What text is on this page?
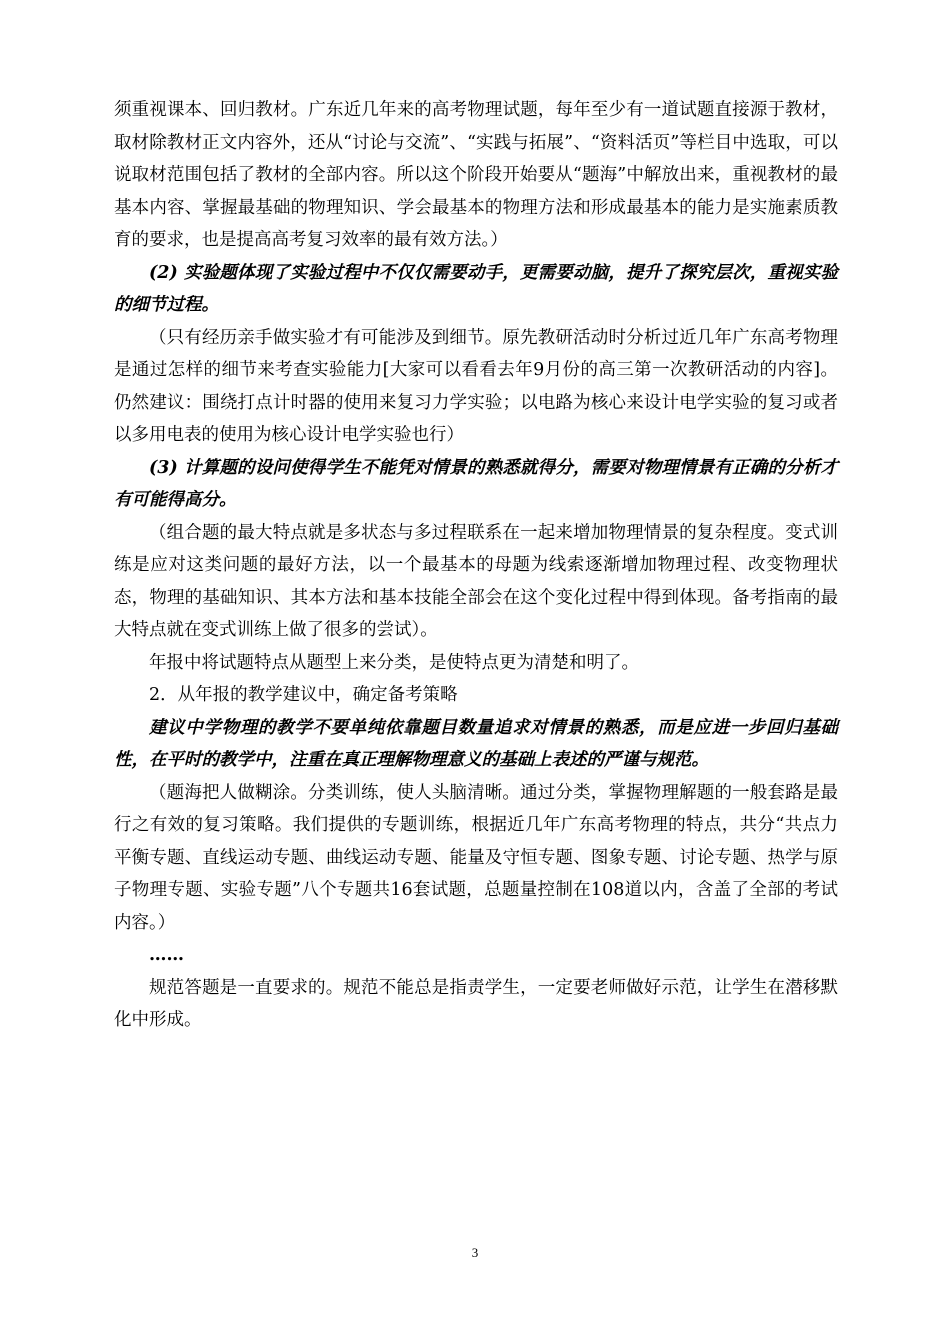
须重视课本、回归教材。广东近几年来的高考物理试题，每年至少有一道试题直接源于教材，取材除教材正文内容外，还从“讨论与交流”、“实践与拓展”、“资料活页”等栏目中选取，可以说取材范围包括了教材的全部内容。所以这个阶段开始要从“题海”中解放出来，重视教材的最基本内容、掌握最基础的物理知识、学会最基本的物理方法和形成最基本的能力是实施素质教育的要求，也是提高高考复习效率的最有效方法。）

(2) 实验题体现了实验过程中不仅仅需要动手，更需要动脑，提升了探究层次，重视实验的细节过程。

（只有经历亲手做实验才有可能涉及到细节。原先教研活动时分析过近几年广东高考物理是通过怎样的细节来考查实验能力[大家可以看看去年9月份的高三第一次教研活动的内容]。仍然建议：围绕打点计时器的使用来复习力学实验；以电路为核心来设计电学实验的复习或者以多用电表的使用为核心设计电学实验也行）

(3) 计算题的设问使得学生不能凭对情景的熟悉就得分，需要对物理情景有正确的分析才有可能得高分。

（组合题的最大特点就是多状态与多过程联系在一起来增加物理情景的复杂程度。变式训练是应对这类问题的最好方法，以一个最基本的母题为线索逐渐增加物理过程、改变物理状态，物理的基础知识、其本方法和基本技能全部会在这个变化过程中得到体现。备考指南的最大特点就在变式训练上做了很多的尝试）。

年报中将试题特点从题型上来分类，是使特点更为清楚和明了。

2．从年报的教学建议中，确定备考策略

建议中学物理的教学不要单纯依靠题目数量追求对情景的熟悉，而是应进一步回归基础性，在平时的教学中，注重在真正理解物理意义的基础上表述的严谨与规范。

（题海把人做糊涂。分类训练，使人头脑清晰。通过分类，掌握物理解题的一般套路是最行之有效的复习策略。我们提供的专题训练，根据近几年广东高考物理的特点，共分“共点力平衡专题、直线运动专题、曲线运动专题、能量及守恒专题、图象专题、讨论专题、热学与原子物理专题、实验专题”八个专题共16套试题，总题量控制在108道以内，含盖了全部的考试内容。）

……

规范答题是一直要求的。规范不能总是指责学生，一定要老师做好示范，让学生在潜移默化中形成。

3
